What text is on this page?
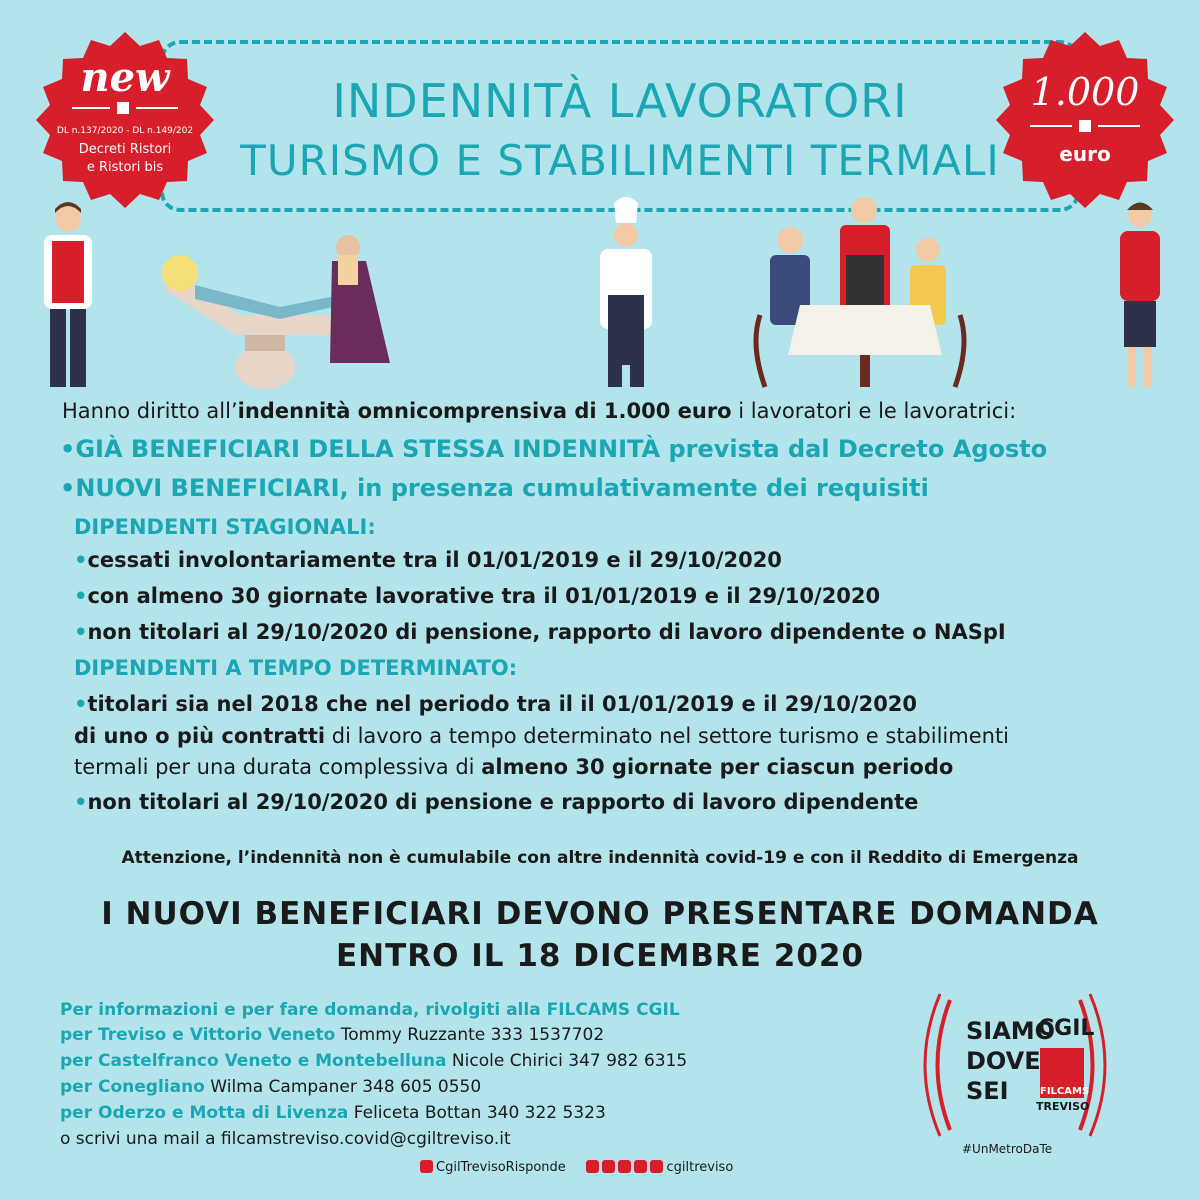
INDENNITÀ LAVORATORI
TURISMO E STABILIMENTI TERMALI
new
DL n.137/2020 - DL n.149/202
Decreti Ristori
e Ristori bis
1.000
euro
Hanno diritto all’indennità omnicomprensiva di 1.000 euro i lavoratori e le lavoratrici:
•GIÀ BENEFICIARI DELLA STESSA INDENNITÀ prevista dal Decreto Agosto
•NUOVI BENEFICIARI, in presenza cumulativamente dei requisiti
DIPENDENTI STAGIONALI:
•cessati involontariamente tra il 01/01/2019 e il 29/10/2020
•con almeno 30 giornate lavorative tra il 01/01/2019 e il 29/10/2020
•non titolari al 29/10/2020 di pensione, rapporto di lavoro dipendente o NASpI
DIPENDENTI A TEMPO DETERMINATO:
•titolari sia nel 2018 che nel periodo tra il il 01/01/2019 e il 29/10/2020
di uno o più contratti di lavoro a tempo determinato nel settore turismo e stabilimenti
termali per una durata complessiva di almeno 30 giornate per ciascun periodo
•non titolari al 29/10/2020 di pensione e rapporto di lavoro dipendente
Attenzione, l’indennità non è cumulabile con altre indennità covid-19 e con il Reddito di Emergenza
I NUOVI BENEFICIARI DEVONO PRESENTARE DOMANDA
ENTRO IL 18 DICEMBRE 2020
Per informazioni e per fare domanda, rivolgiti alla FILCAMS CGIL
per Treviso e Vittorio Veneto Tommy Ruzzante 333 1537702
per Castelfranco Veneto e Montebelluna Nicole Chirici 347 982 6315
per Conegliano Wilma Campaner 348 605 0550
per Oderzo e Motta di Livenza Feliceta Bottan 340 322 5323
o scrivi una mail a filcamstreviso.covid@cgiltreviso.it
CgilTrevisoRisponde	cgiltreviso
SIAMO
DOVE
SEI
CGIL
FILCAMS
TREVISO
#UnMetroDaTe
